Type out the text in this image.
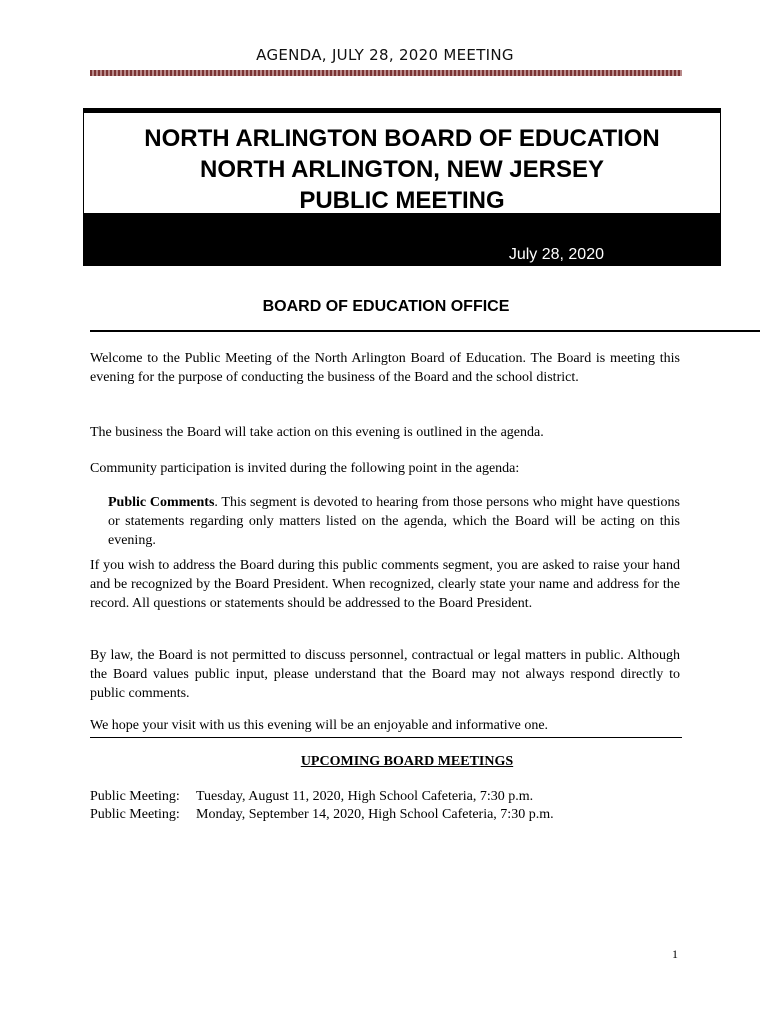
AGENDA, JULY 28, 2020 MEETING
NORTH ARLINGTON BOARD OF EDUCATION
NORTH ARLINGTON, NEW JERSEY
PUBLIC MEETING
July 28, 2020
BOARD OF EDUCATION OFFICE

Welcome to the Public Meeting of the North Arlington Board of Education. The Board is meeting this evening for the purpose of conducting the business of the Board and the school district.

The business the Board will take action on this evening is outlined in the agenda.

Community participation is invited during the following point in the agenda:

Public Comments. This segment is devoted to hearing from those persons who might have questions or statements regarding only matters listed on the agenda, which the Board will be acting on this evening.

If you wish to address the Board during this public comments segment, you are asked to raise your hand and be recognized by the Board President. When recognized, clearly state your name and address for the record. All questions or statements should be addressed to the Board President.

By law, the Board is not permitted to discuss personnel, contractual or legal matters in public. Although the Board values public input, please understand that the Board may not always respond directly to public comments.

We hope your visit with us this evening will be an enjoyable and informative one.

UPCOMING BOARD MEETINGS
Public Meeting: Tuesday, August 11, 2020, High School Cafeteria, 7:30 p.m.
Public Meeting: Monday, September 14, 2020, High School Cafeteria, 7:30 p.m.
1
